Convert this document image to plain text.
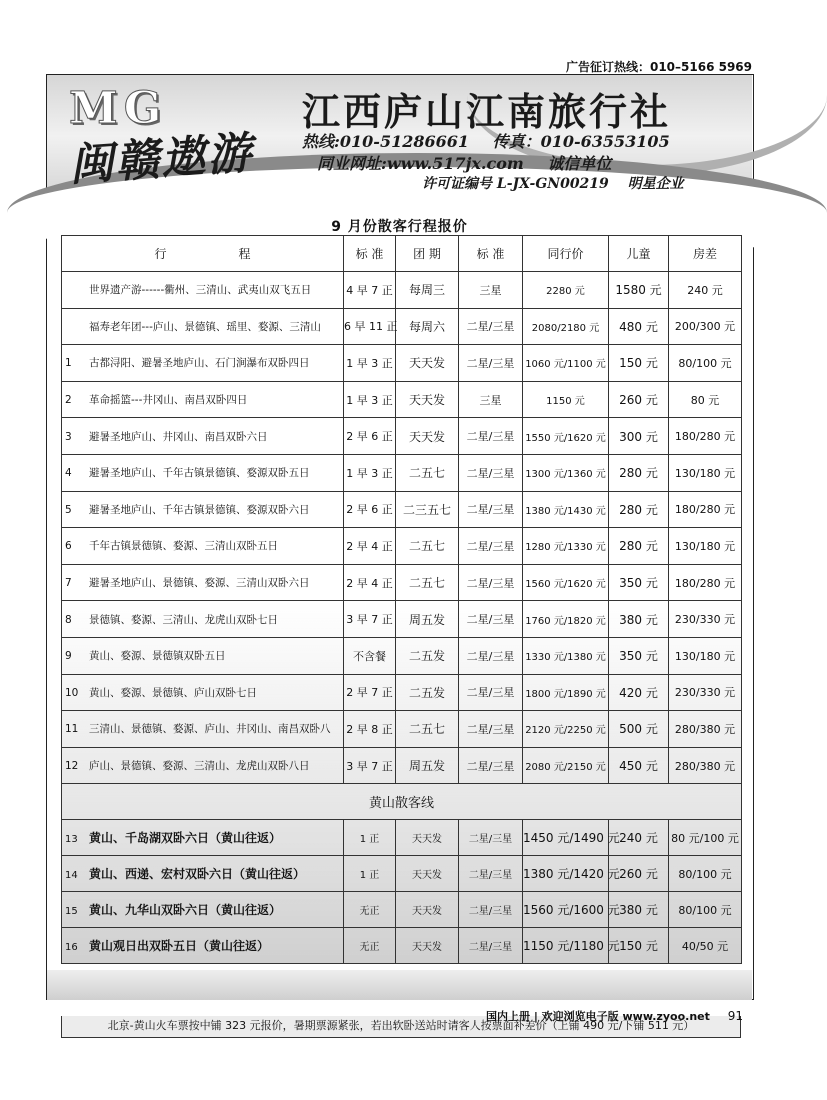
广告征订热线：010–5166 5969
MG
闽赣遨游
江西庐山江南旅行社
热线:010-51286661 传真：010-63553105
同业网址:www.517jx.com 诚信单位
许可证编号 L-JX-GN00219 明星企业
9 月份散客行程报价
行　　　　　　程	标 准	团 期	标 准	同行价	儿童	房差
世界遗产游------衢州、三清山、武夷山双飞五日	4 早 7 正	每周三	三星	2280 元	1580 元	240 元
福寿老年团---庐山、景德镇、瑶里、婺源、三清山	6 早 11 正	每周六	二星/三星	2080/2180 元	480 元	200/300 元
1 古都浔阳、避暑圣地庐山、石门涧瀑布双卧四日	1 早 3 正	天天发	二星/三星	1060 元/1100 元	150 元	80/100 元
2 革命摇篮---井冈山、南昌双卧四日	1 早 3 正	天天发	三星	1150 元	260 元	80 元
3 避暑圣地庐山、井冈山、南昌双卧六日	2 早 6 正	天天发	二星/三星	1550 元/1620 元	300 元	180/280 元
4 避暑圣地庐山、千年古镇景德镇、婺源双卧五日	1 早 3 正	二五七	二星/三星	1300 元/1360 元	280 元	130/180 元
5 避暑圣地庐山、千年古镇景德镇、婺源双卧六日	2 早 6 正	二三五七	二星/三星	1380 元/1430 元	280 元	180/280 元
6 千年古镇景德镇、婺源、三清山双卧五日	2 早 4 正	二五七	二星/三星	1280 元/1330 元	280 元	130/180 元
7 避暑圣地庐山、景德镇、婺源、三清山双卧六日	2 早 4 正	二五七	二星/三星	1560 元/1620 元	350 元	180/280 元
8 景德镇、婺源、三清山、龙虎山双卧七日	3 早 7 正	周五发	二星/三星	1760 元/1820 元	380 元	230/330 元
9 黄山、婺源、景德镇双卧五日	不含餐	二五发	二星/三星	1330 元/1380 元	350 元	130/180 元
10 黄山、婺源、景德镇、庐山双卧七日	2 早 7 正	二五发	二星/三星	1800 元/1890 元	420 元	230/330 元
11 三清山、景德镇、婺源、庐山、井冈山、南昌双卧八	2 早 8 正	二五七	二星/三星	2120 元/2250 元	500 元	280/380 元
12 庐山、景德镇、婺源、三清山、龙虎山双卧八日	3 早 7 正	周五发	二星/三星	2080 元/2150 元	450 元	280/380 元
黄山散客线						
13 黄山、千岛湖双卧六日（黄山往返）	1 正	天天发	二星/三星	1450 元/1490 元	240 元	80 元/100 元
14 黄山、西递、宏村双卧六日（黄山往返）	1 正	天天发	二星/三星	1380 元/1420 元	260 元	80/100 元
15 黄山、九华山双卧六日（黄山往返）	无正	天天发	二星/三星	1560 元/1600 元	380 元	80/100 元
16 黄山观日出双卧五日（黄山往返）	无正	天天发	二星/三星	1150 元/1180 元	150 元	40/50 元
北京-黄山火车票按中铺 323 元报价，暑期票源紧张，若出软卧送站时请客人按票面补差价（上铺 490 元/下铺 511 元）
国内上册 | 欢迎浏览电子版 www.zyoo.net 91
